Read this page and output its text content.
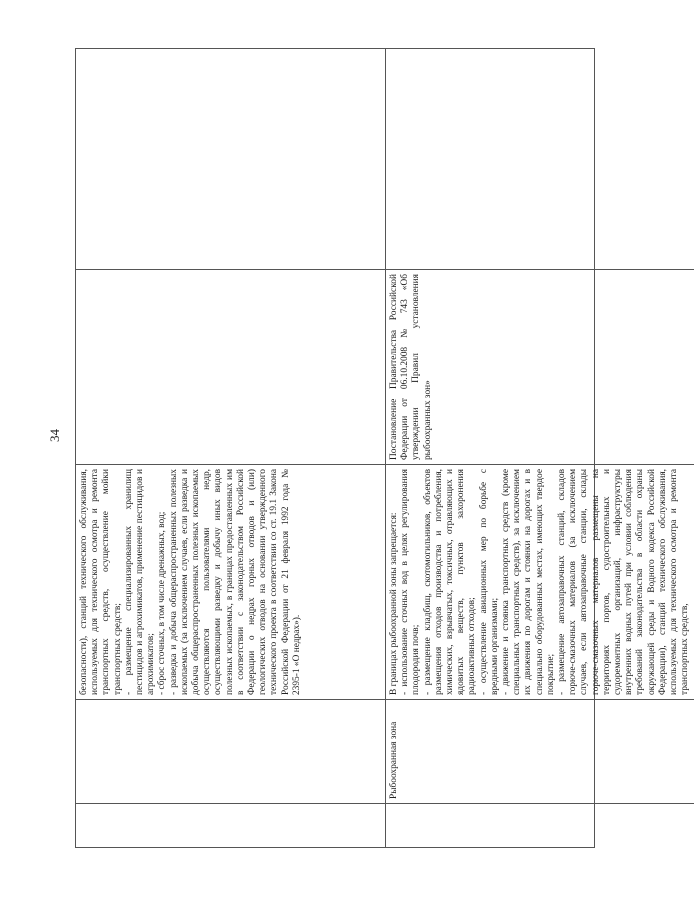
34

безопасности), станций технического обслуживания, используемых для технического осмотра и ремонта транспортных средств, осуществление мойки транспортных средств; - размещение специализированных хранилищ пестицидов и агрохимикатов, применение пестицидов и агрохимикатов; - сброс сточных, в том числе дренажных, вод; - разведка и добыча общераспространенных полезных ископаемых (за исключением случаев, если разведка и добыча общераспространенных полезных ископаемых осуществляются пользователями недр, осуществляющими разведку и добычу иных видов полезных ископаемых, в границах предоставленных им в соответствии с законодательством Российской Федерации о недрах горных отводов и (или) геологических отводов на основании утвержденного технического проекта в соответствии со ст. 19.1 Закона Российской Федерации от 21 февраля 1992 года № 2395-1 «О недрах»).

Рыбоохранная зона

В границах рыбоохранной зоны запрещается: - использование сточных вод в целях регулирования плодородия почв; - размещение кладбищ, скотомогильников, объектов размещения отходов производства и потребления, химических, взрывчатых, токсичных, отравляющих и ядовитых веществ, пунктов захоронения радиоактивных отходов; - осуществление авиационных мер по борьбе с вредными организмами; - движение и стоянка транспортных средств (кроме специальных транспортных средств), за исключением их движения по дорогам и стоянки на дорогах и в специально оборудованных местах, имеющих твердое покрытие; - размещение автозаправочных станций, складов горюче-смазочных материалов (за исключением случаев, если автозаправочные станции, склады горюче-смазочных материалов размещены на территориях портов, судостроительных и судоремонтных организаций, инфраструктуры внутренних водных путей при условии соблюдения требований законодательства в области охраны окружающей среды и Водного кодекса Российской Федерации), станций технического обслуживания, используемых для технического осмотра и ремонта транспортных средств,

Постановление Правительства Российской Федерации от 06.10.2008 № 743 «Об утверждении Правил установления рыбоохранных зон»
